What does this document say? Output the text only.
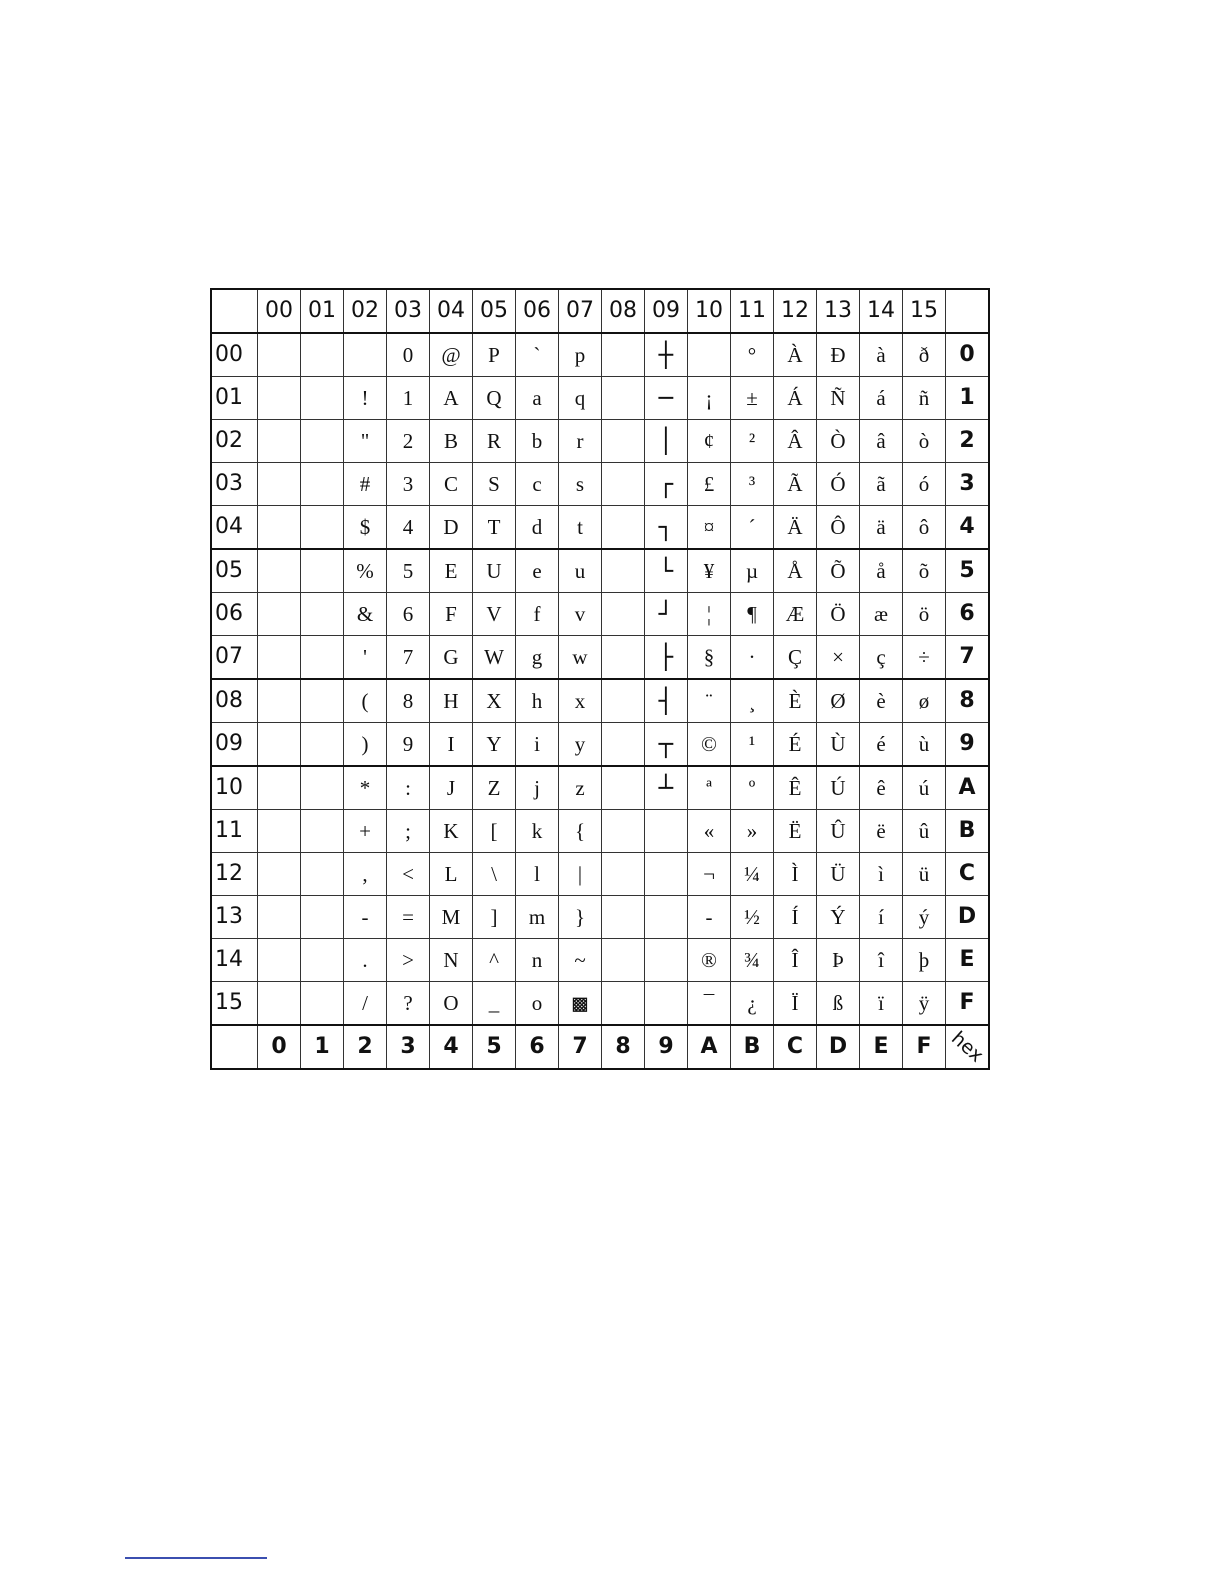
	00	01	02	03	04	05	06	07	08	09	10	11	12	13	14	15	
00				0	@	P	`	p		┼		°	À	Đ	à	ð	0
01			!	1	A	Q	a	q		─	¡	±	Á	Ñ	á	ñ	1
02			"	2	B	R	b	r		│	¢	²	Â	Ò	â	ò	2
03			#	3	C	S	c	s		┌	£	³	Ã	Ó	ã	ó	3
04			$	4	D	T	d	t		┐	¤	´	Ä	Ô	ä	ô	4
05			%	5	E	U	e	u		└	¥	µ	Å	Õ	å	õ	5
06			&	6	F	V	f	v		┘	¦	¶	Æ	Ö	æ	ö	6
07			'	7	G	W	g	w		├	§	·	Ç	×	ç	÷	7
08			(	8	H	X	h	x		┤	¨	¸	È	Ø	è	ø	8
09			)	9	I	Y	i	y		┬	©	¹	É	Ù	é	ù	9
10			*	:	J	Z	j	z		┴	ª	º	Ê	Ú	ê	ú	A
11			+	;	K	[	k	{			«	»	Ë	Û	ë	û	B
12			,	<	L	\	l	|			¬	¼	Ì	Ü	ì	ü	C
13			-	=	M	]	m	}			-	½	Í	Ý	í	ý	D
14			.	>	N	^	n	~			®	¾	Î	Þ	î	þ	E
15			/	?	O	_	o	▩			¯	¿	Ï	ß	ï	ÿ	F
	0	1	2	3	4	5	6	7	8	9	A	B	C	D	E	F	hex
